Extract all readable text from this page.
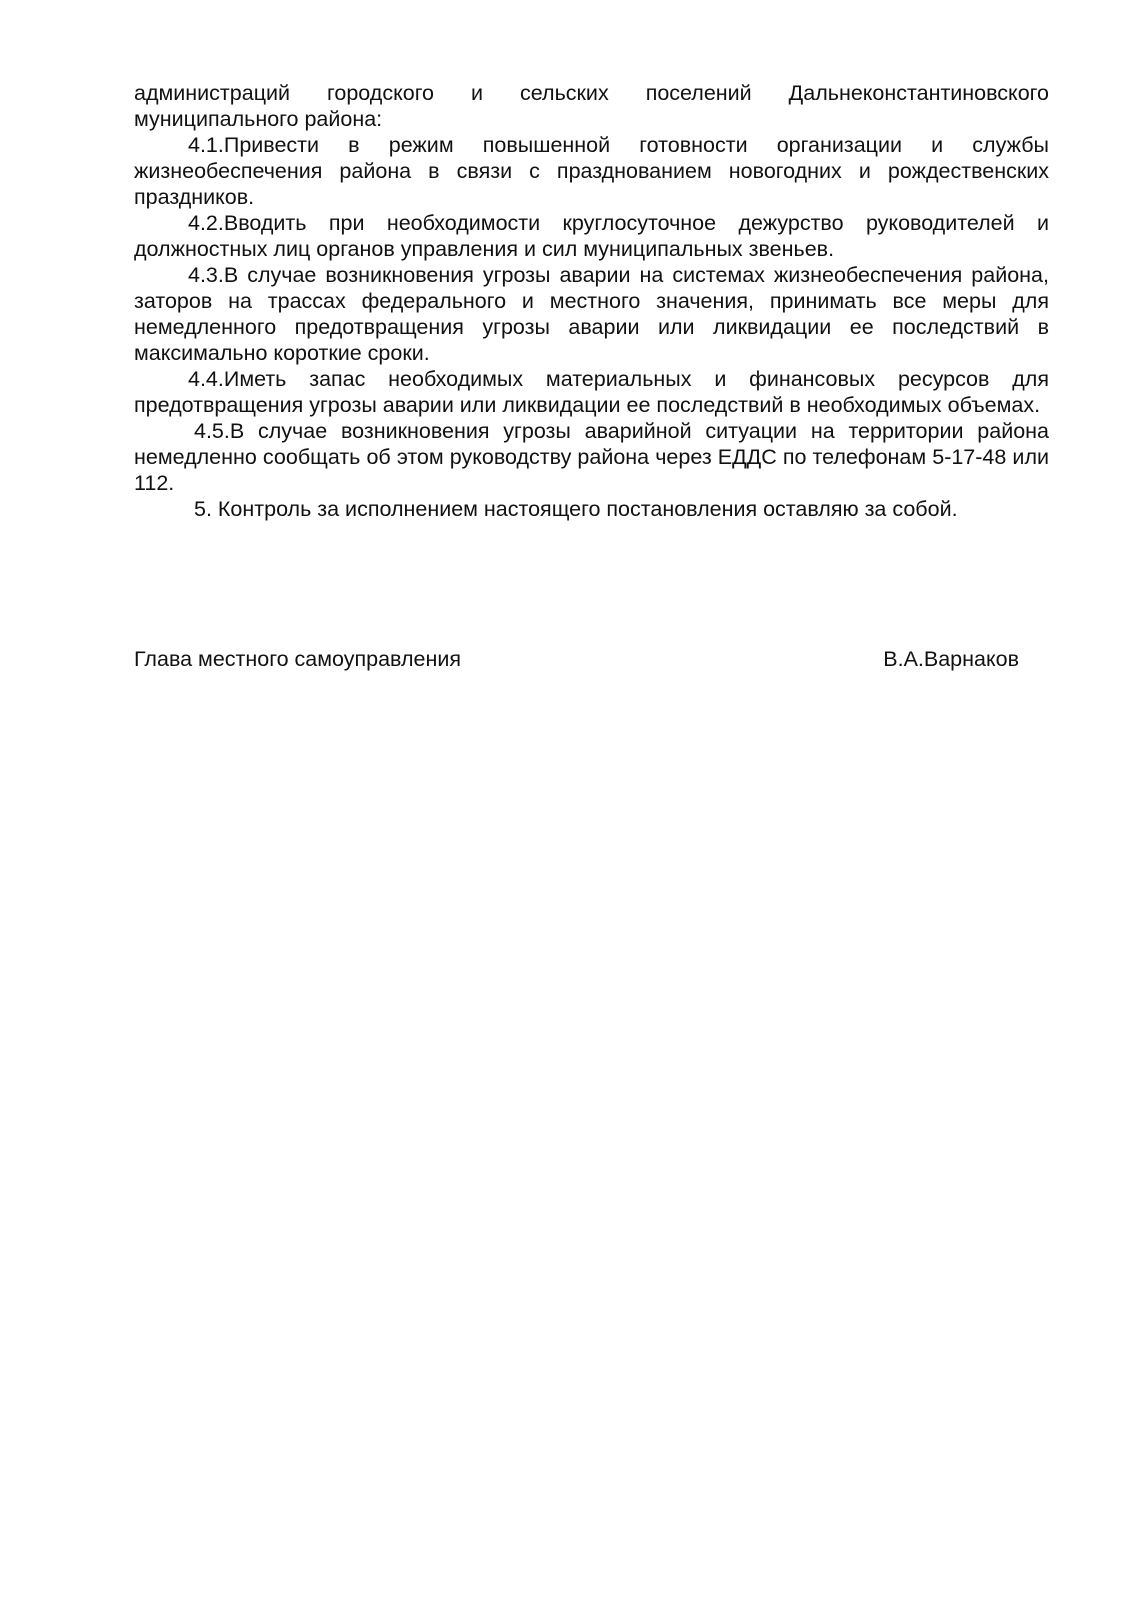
администраций городского и сельских поселений Дальнеконстантиновского муниципального района:

4.1.Привести в режим повышенной готовности организации и службы жизнеобеспечения района в связи с празднованием новогодних и рождественских праздников.

4.2.Вводить при необходимости круглосуточное дежурство руководителей и должностных лиц органов управления и сил муниципальных звеньев.

4.3.В случае возникновения угрозы аварии на системах жизнеобеспечения района, заторов на трассах федерального и местного значения, принимать все меры для немедленного предотвращения угрозы аварии или ликвидации ее последствий в максимально короткие сроки.

4.4.Иметь запас необходимых материальных и финансовых ресурсов для предотвращения угрозы аварии или ликвидации ее последствий в необходимых объемах.

4.5.В случае возникновения угрозы аварийной ситуации на территории района немедленно сообщать об этом руководству района через ЕДДС по телефонам 5-17-48 или 112.

5. Контроль за исполнением настоящего постановления оставляю за собой.

Глава местного самоуправления	В.А.Варнаков
